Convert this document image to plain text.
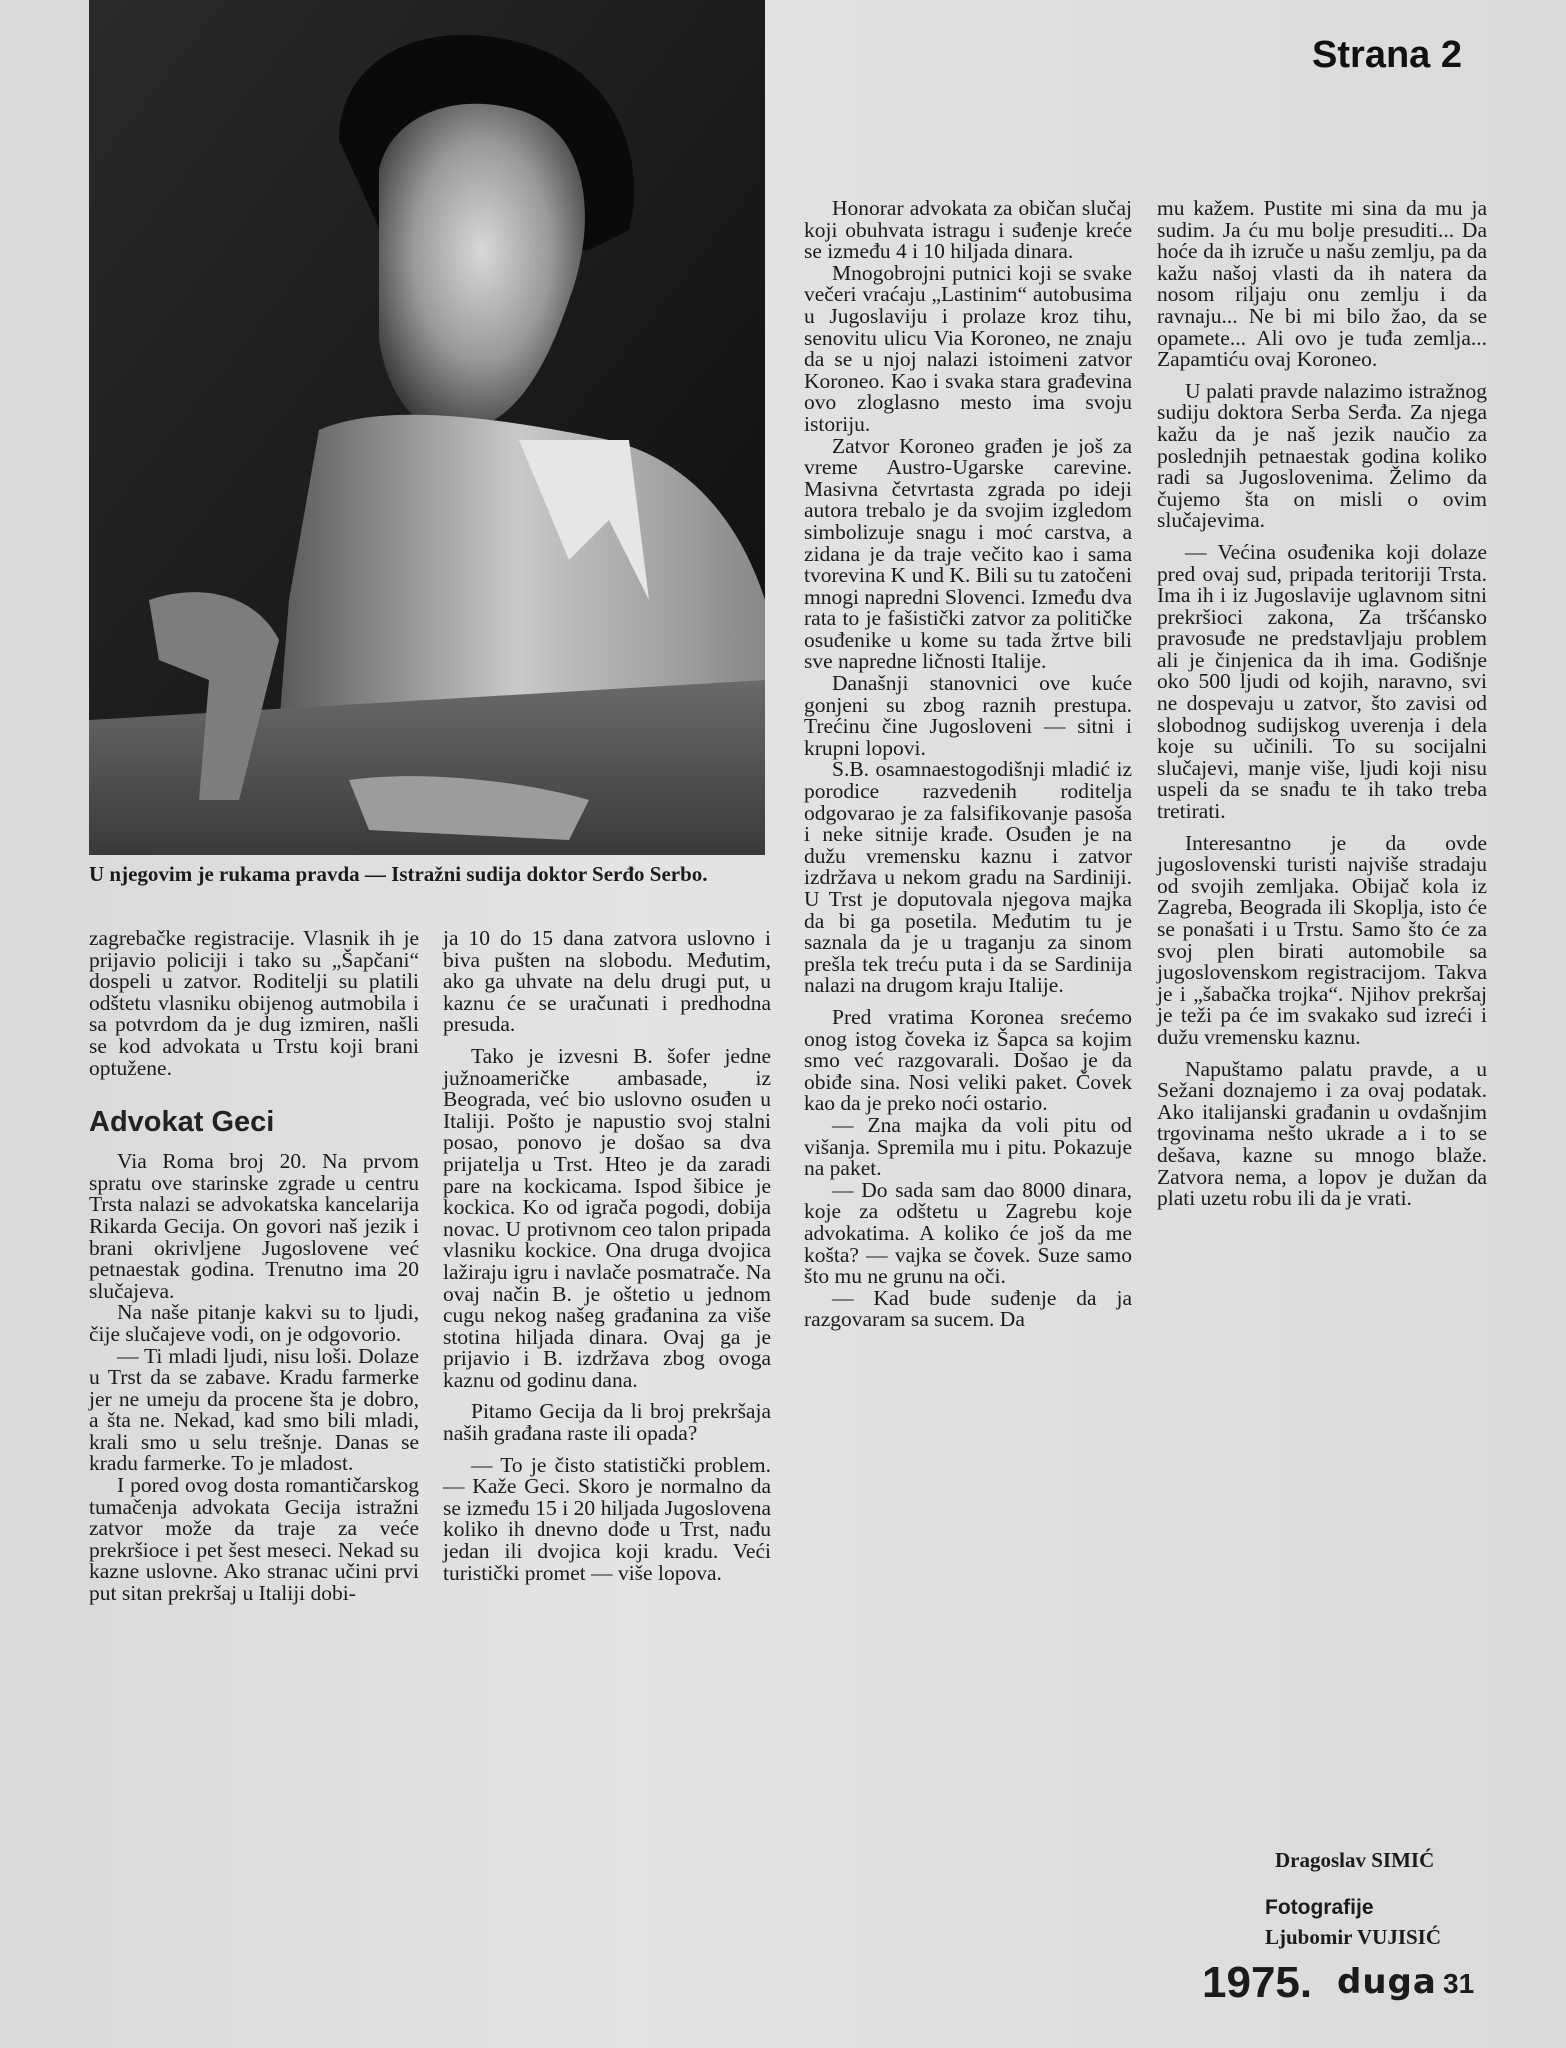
Strana 2
U njegovim je rukama pravda — Istražni sudija doktor Serđo Serbo.

zagrebačke registracije. Vlasnik ih je prijavio policiji i tako su „Šapčani“ dospeli u zatvor. Roditelji su platili odštetu vlasniku obijenog autmobila i sa potvrdom da je dug izmiren, našli se kod advokata u Trstu koji brani optužene.

Advokat Geci

Via Roma broj 20. Na prvom spratu ove starinske zgrade u centru Trsta nalazi se advokatska kancelarija Rikarda Gecija. On govori naš jezik i brani okrivljene Jugoslovene već petnaestak godina. Trenutno ima 20 slučajeva.

Na naše pitanje kakvi su to ljudi, čije slučajeve vodi, on je odgovorio.

— Ti mladi ljudi, nisu loši. Dolaze u Trst da se zabave. Kradu farmerke jer ne umeju da procene šta je dobro, a šta ne. Nekad, kad smo bili mladi, krali smo u selu trešnje. Danas se kradu farmerke. To je mladost.

I pored ovog dosta romantičarskog tumačenja advokata Gecija istražni zatvor može da traje za veće prekršioce i pet šest meseci. Nekad su kazne uslovne. Ako stranac učini prvi put sitan prekršaj u Italiji dobi-

ja 10 do 15 dana zatvora uslovno i biva pušten na slobodu. Međutim, ako ga uhvate na delu drugi put, u kaznu će se uračunati i predhodna presuda.

Tako je izvesni B. šofer jedne južnoameričke ambasade, iz Beograda, već bio uslovno osuđen u Italiji. Pošto je napustio svoj stalni posao, ponovo je došao sa dva prijatelja u Trst. Hteo je da zaradi pare na kockicama. Ispod šibice je kockica. Ko od igrača pogodi, dobija novac. U protivnom ceo talon pripada vlasniku kockice. Ona druga dvojica lažiraju igru i navlače posmatrače. Na ovaj način B. je oštetio u jednom cugu nekog našeg građanina za više stotina hiljada dinara. Ovaj ga je prijavio i B. izdržava zbog ovoga kaznu od godinu dana.

Pitamo Gecija da li broj prekršaja naših građana raste ili opada?

— To je čisto statistički problem. — Kaže Geci. Skoro je normalno da se između 15 i 20 hiljada Jugoslovena koliko ih dnevno dođe u Trst, nađu jedan ili dvojica koji kradu. Veći turistički promet — više lopova.

Honorar advokata za običan slučaj koji obuhvata istragu i suđenje kreće se između 4 i 10 hiljada dinara.

Mnogobrojni putnici koji se svake večeri vraćaju „Lastinim“ autobusima u Jugoslaviju i prolaze kroz tihu, senovitu ulicu Via Koroneo, ne znaju da se u njoj nalazi istoimeni zatvor Koroneo. Kao i svaka stara građevina ovo zloglasno mesto ima svoju istoriju.

Zatvor Koroneo građen je još za vreme Austro-Ugarske carevine. Masivna četvrtasta zgrada po ideji autora trebalo je da svojim izgledom simbolizuje snagu i moć carstva, a zidana je da traje večito kao i sama tvorevina K und K. Bili su tu zatočeni mnogi napredni Slovenci. Između dva rata to je fašistički zatvor za političke osuđenike u kome su tada žrtve bili sve napredne ličnosti Italije.

Današnji stanovnici ove kuće gonjeni su zbog raznih prestupa. Trećinu čine Jugosloveni — sitni i krupni lopovi.

S.B. osamnaestogodišnji mladić iz porodice razvedenih roditelja odgovarao je za falsifikovanje pasoša i neke sitnije krađe. Osuđen je na dužu vremensku kaznu i zatvor izdržava u nekom gradu na Sardiniji. U Trst je doputovala njegova majka da bi ga posetila. Međutim tu je saznala da je u traganju za sinom prešla tek treću puta i da se Sardinija nalazi na drugom kraju Italije.

Pred vratima Koroneа srećemo onog istog čoveka iz Šapca sa kojim smo već razgovarali. Došao je da obiđe sina. Nosi veliki paket. Čovek kao da je preko noći ostario.

— Zna majka da voli pitu od višanja. Spremila mu i pitu. Pokazuje na paket.

— Do sada sam dao 8000 dinara, koje za odštetu u Zagrebu koje advokatima. A koliko će još da me košta? — vajka se čovek. Suze samo što mu ne grunu na oči.

— Kad bude suđenje da ja razgovaram sa sucem. Da

mu kažem. Pustite mi sina da mu ja sudim. Ja ću mu bolje presuditi... Da hoće da ih izruče u našu zemlju, pa da kažu našoj vlasti da ih natera da nosom riljaju onu zemlju i da ravnaju... Ne bi mi bilo žao, da se opamete... Ali ovo je tuđa zemlja... Zapamtiću ovaj Koroneo.

U palati pravde nalazimo istražnog sudiju doktora Serba Serđa. Za njega kažu da je naš jezik naučio za poslednjih petnaestak godina koliko radi sa Jugoslovenima. Želimo da čujemo šta on misli o ovim slučajevima.

— Većina osuđenika koji dolaze pred ovaj sud, pripada teritoriji Trsta. Ima ih i iz Jugoslavije uglavnom sitni prekršioci zakona, Za tršćansko pravosuđe ne predstavljaju problem ali je činjenica da ih ima. Godišnje oko 500 ljudi od kojih, naravno, svi ne dospevaju u zatvor, što zavisi od slobodnog sudijskog uverenja i dela koje su učinili. To su socijalni slučajevi, manje više, ljudi koji nisu uspeli da se snađu te ih tako treba tretirati.

Interesantno je da ovde jugoslovenski turisti najviše stradaju od svojih zemljaka. Obijač kola iz Zagreba, Beograda ili Skoplja, isto će se ponašati i u Trstu. Samo što će za svoj plen birati automobile sa jugoslovenskom registracijom. Takva je i „šabačka trojka“. Njihov prekršaj je teži pa će im svakako sud izreći i dužu vremensku kaznu.

Napuštamo palatu pravde, a u Sežani doznajemo i za ovaj podatak. Ako italijanski građanin u ovdašnjim trgovinama nešto ukrade a i to se dešava, kazne su mnogo blaže. Zatvora nema, a lopov je dužan da plati uzetu robu ili da je vrati.

Dragoslav SIMIĆ
Fotografije
Ljubomir VUJISIĆ
1975. duga 31
